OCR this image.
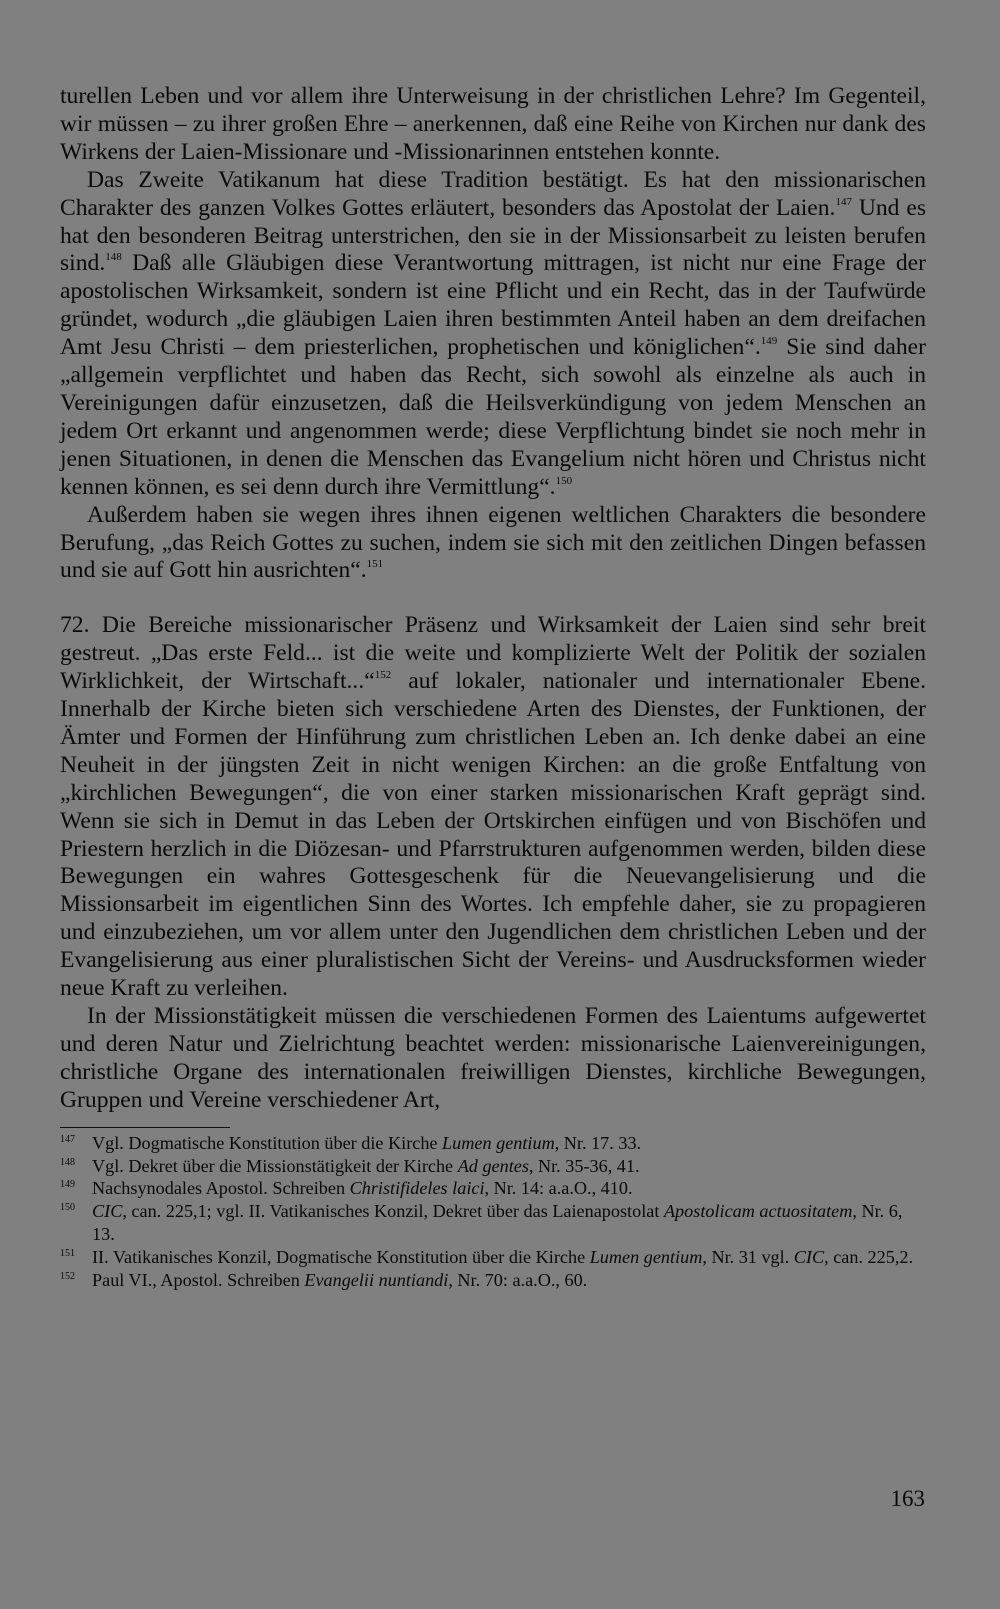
turellen Leben und vor allem ihre Unterweisung in der christlichen Lehre? Im Gegenteil, wir müssen – zu ihrer großen Ehre – anerkennen, daß eine Reihe von Kirchen nur dank des Wirkens der Laien-Missionare und -Missionarinnen entstehen konnte.

Das Zweite Vatikanum hat diese Tradition bestätigt. Es hat den missionarischen Charakter des ganzen Volkes Gottes erläutert, besonders das Apostolat der Laien.$^{147}$ Und es hat den besonderen Beitrag unterstrichen, den sie in der Missionsarbeit zu leisten berufen sind.$^{148}$ Daß alle Gläubigen diese Verantwortung mittragen, ist nicht nur eine Frage der apostolischen Wirksamkeit, sondern ist eine Pflicht und ein Recht, das in der Taufwürde gründet, wodurch „die gläubigen Laien ihren bestimmten Anteil haben an dem dreifachen Amt Jesu Christi – dem priesterlichen, prophetischen und königlichen“.$^{149}$ Sie sind daher „allgemein verpflichtet und haben das Recht, sich sowohl als einzelne als auch in Vereinigungen dafür einzusetzen, daß die Heilsverkündigung von jedem Menschen an jedem Ort erkannt und angenommen werde; diese Verpflichtung bindet sie noch mehr in jenen Situationen, in denen die Menschen das Evangelium nicht hören und Christus nicht kennen können, es sei denn durch ihre Vermittlung“.$^{150}$

Außerdem haben sie wegen ihres ihnen eigenen weltlichen Charakters die besondere Berufung, „das Reich Gottes zu suchen, indem sie sich mit den zeitlichen Dingen befassen und sie auf Gott hin ausrichten“.$^{151}$

72. Die Bereiche missionarischer Präsenz und Wirksamkeit der Laien sind sehr breit gestreut. „Das erste Feld... ist die weite und komplizierte Welt der Politik der sozialen Wirklichkeit, der Wirtschaft...“$^{152}$ auf lokaler, nationaler und internationaler Ebene. Innerhalb der Kirche bieten sich verschiedene Arten des Dienstes, der Funktionen, der Ämter und Formen der Hinführung zum christlichen Leben an. Ich denke dabei an eine Neuheit in der jüngsten Zeit in nicht wenigen Kirchen: an die große Entfaltung von „kirchlichen Bewegungen“, die von einer starken missionarischen Kraft geprägt sind. Wenn sie sich in Demut in das Leben der Ortskirchen einfügen und von Bischöfen und Priestern herzlich in die Diözesan- und Pfarrstrukturen aufgenommen werden, bilden diese Bewegungen ein wahres Gottesgeschenk für die Neuevangelisierung und die Missionsarbeit im eigentlichen Sinn des Wortes. Ich empfehle daher, sie zu propagieren und einzubeziehen, um vor allem unter den Jugendlichen dem christlichen Leben und der Evangelisierung aus einer pluralistischen Sicht der Vereins- und Ausdrucksformen wieder neue Kraft zu verleihen.

In der Missionstätigkeit müssen die verschiedenen Formen des Laientums aufgewertet und deren Natur und Zielrichtung beachtet werden: missionarische Laienvereinigungen, christliche Organe des internationalen freiwilligen Dienstes, kirchliche Bewegungen, Gruppen und Vereine verschiedener Art,

$^{147}$ Vgl. Dogmatische Konstitution über die Kirche Lumen gentium, Nr. 17. 33.
$^{148}$ Vgl. Dekret über die Missionstätigkeit der Kirche Ad gentes, Nr. 35-36, 41.
$^{149}$ Nachsynodales Apostol. Schreiben Christifideles laici, Nr. 14: a.a.O., 410.
$^{150}$ CIC, can. 225,1; vgl. II. Vatikanisches Konzil, Dekret über das Laienapostolat Apostolicam actuositatem, Nr. 6, 13.
$^{151}$ II. Vatikanisches Konzil, Dogmatische Konstitution über die Kirche Lumen gentium, Nr. 31 vgl. CIC, can. 225,2.
$^{152}$ Paul VI., Apostol. Schreiben Evangelii nuntiandi, Nr. 70: a.a.O., 60.
163
